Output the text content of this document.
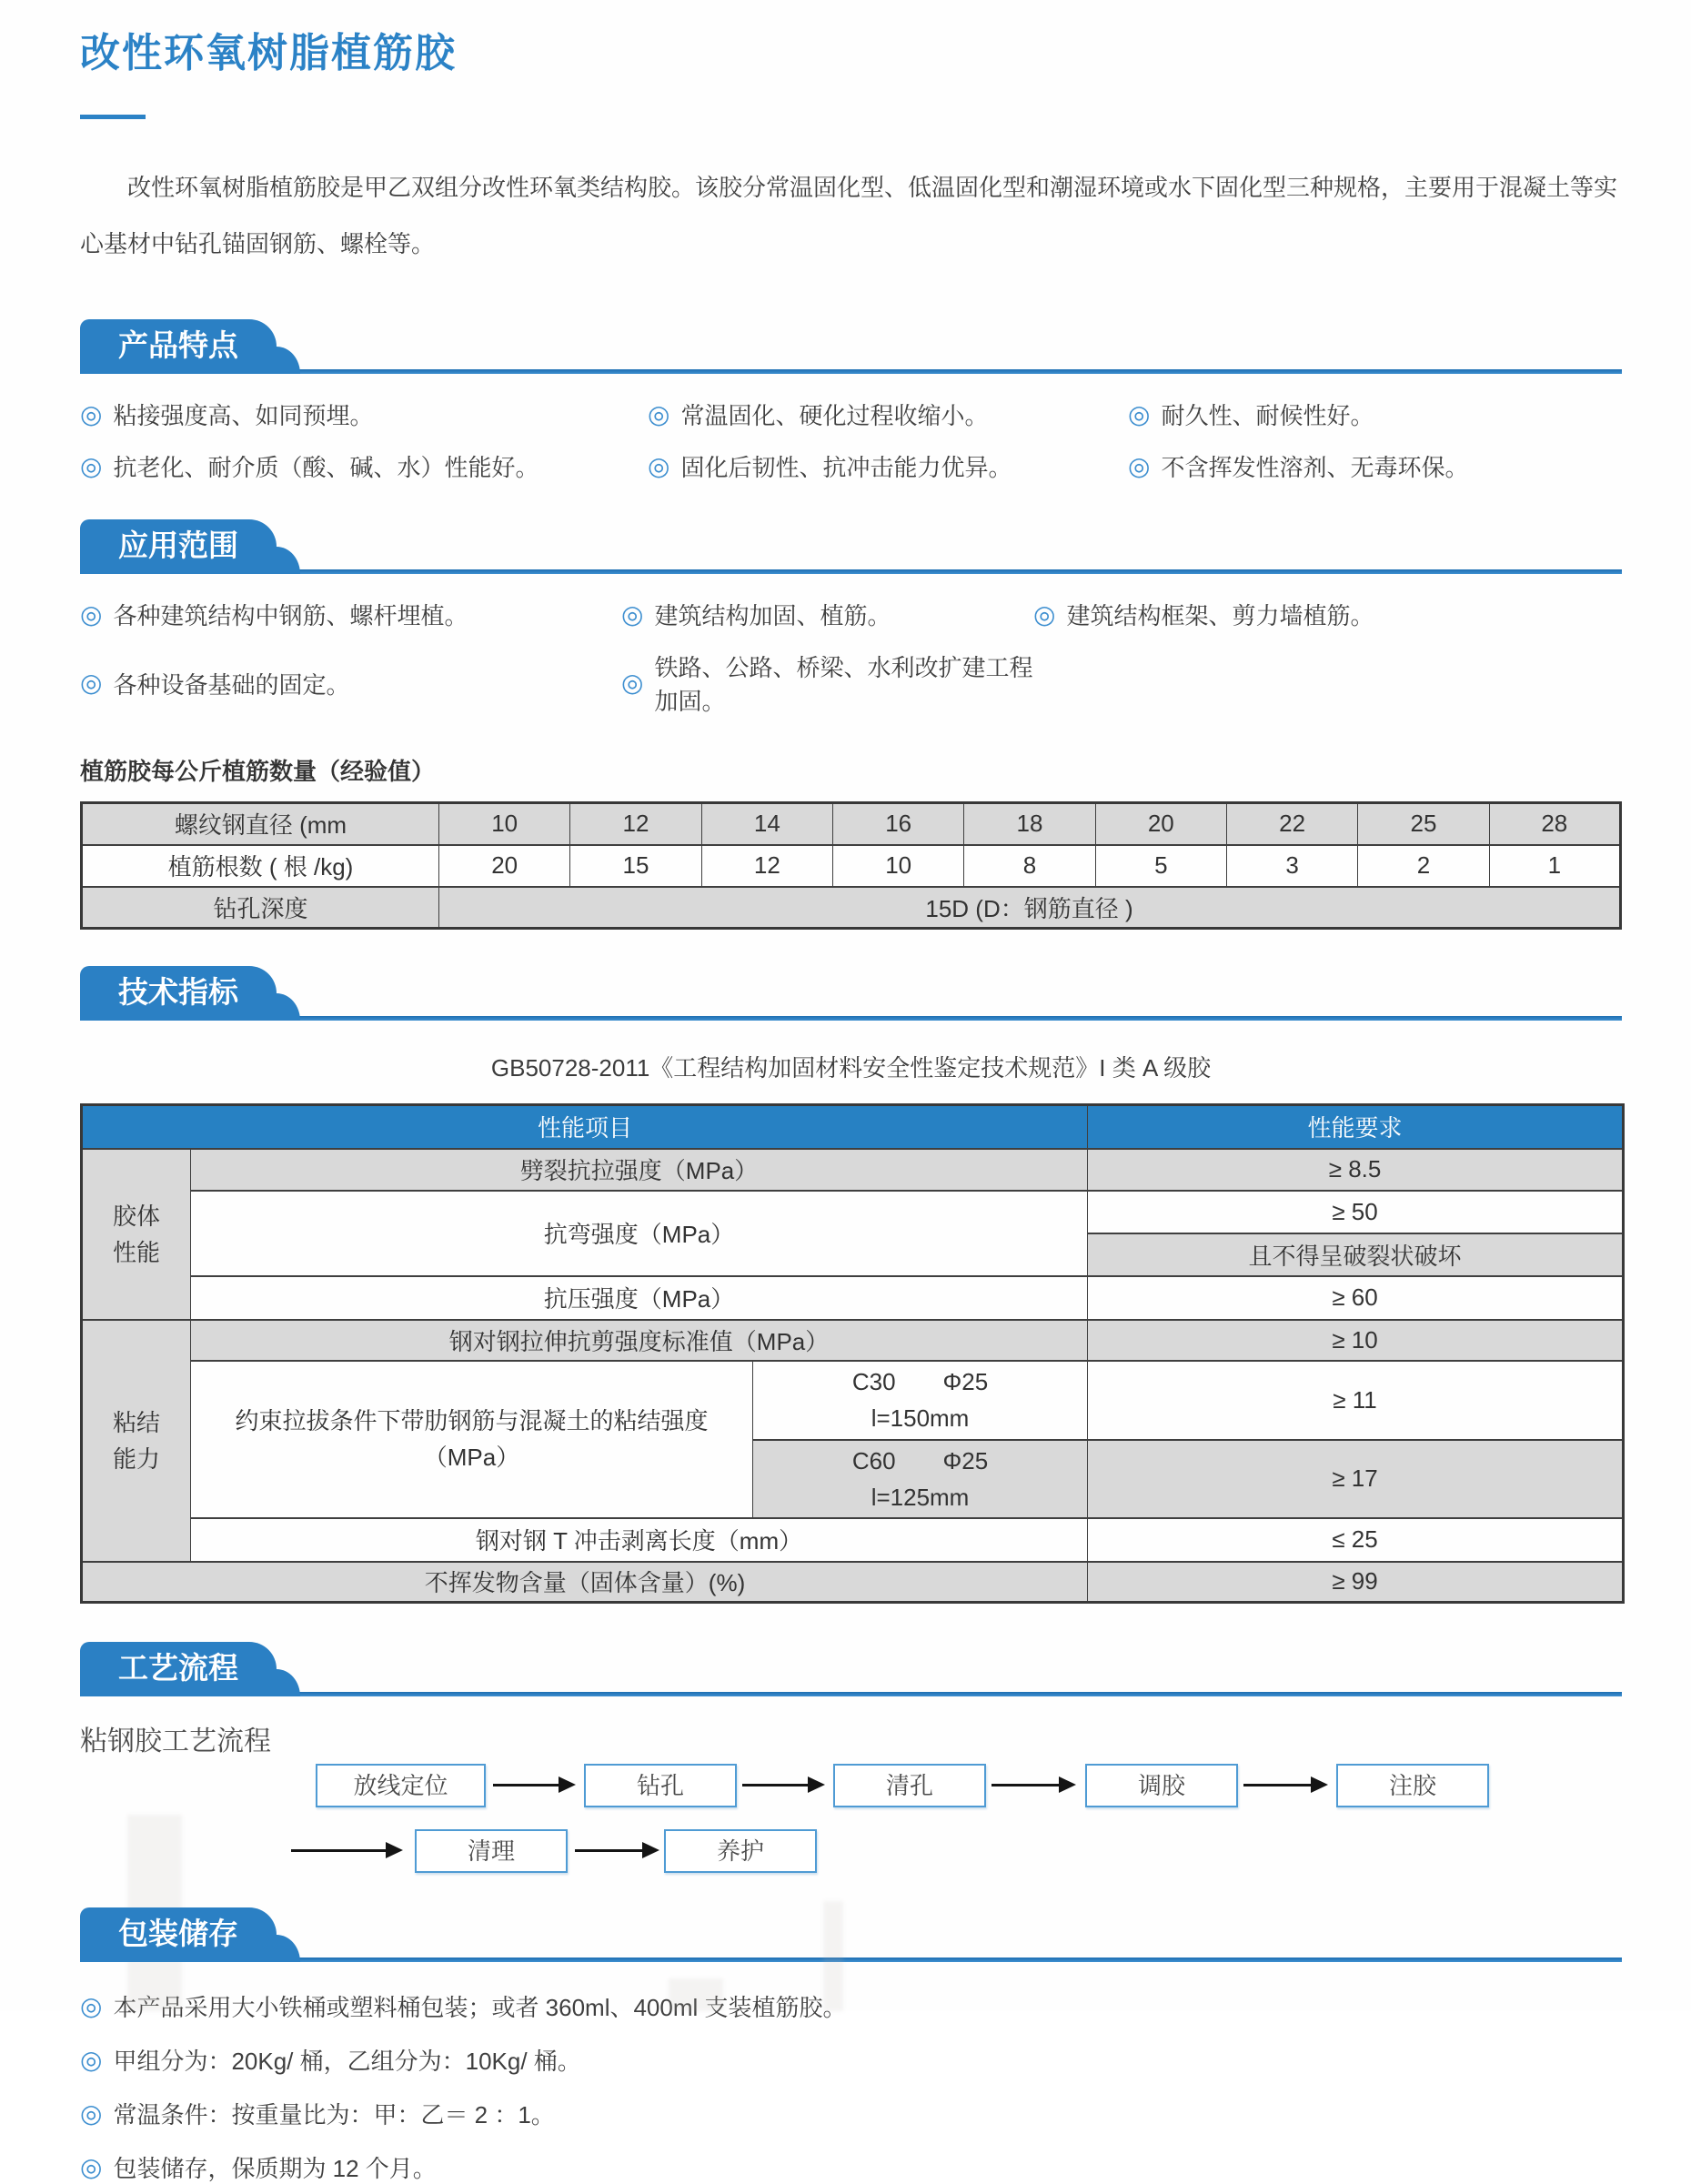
改性环氧树脂植筋胶

改性环氧树脂植筋胶是甲乙双组分改性环氧类结构胶。该胶分常温固化型、低温固化型和潮湿环境或水下固化型三种规格，主要用于混凝土等实心基材中钻孔锚固钢筋、螺栓等。

产品特点
◎ 粘接强度高、如同预埋。	◎ 常温固化、硬化过程收缩小。	◎ 耐久性、耐候性好。
◎ 抗老化、耐介质（酸、碱、水）性能好。	◎ 固化后韧性、抗冲击能力优异。	◎ 不含挥发性溶剂、无毒环保。
应用范围
◎ 各种建筑结构中钢筋、螺杆埋植。	◎ 建筑结构加固、植筋。	◎ 建筑结构框架、剪力墙植筋。
◎ 各种设备基础的固定。	◎
铁路、公路、桥梁、水利改扩建工程加固。
植筋胶每公斤植筋数量（经验值）
螺纹钢直径 (mm	10	12	14	16	18	20	22	25	28
植筋根数 ( 根 /kg)	20	15	12	10	8	5	3	2	1
钻孔深度	15D (D：钢筋直径 )								
技术指标
GB50728-2011《工程结构加固材料安全性鉴定技术规范》I 类 A 级胶
性能项目			性能要求

胶体
性能	劈裂抗拉强度（MPa）		≥ 8.5
	抗弯强度（MPa）		≥ 50
			且不得呈破裂状破坏
	抗压强度（MPa）		≥ 60

粘结
能力	钢对钢拉伸抗剪强度标准值（MPa）		≥ 10

	约束拉拔条件下带肋钢筋与混凝土的粘结强度
（MPa）	C30　　Φ25
l=150mm	≥ 11

		C60　　Φ25
l=125mm	≥ 17
	钢对钢 T 冲击剥离长度（mm）		≤ 25
不挥发物含量（固体含量）(%)			≥ 99
工艺流程
粘钢胶工艺流程
放线定位	钻孔	清孔	调胶	注胶
清理	养护
包装储存
◎ 本产品采用大小铁桶或塑料桶包装；或者 360ml、400ml 支装植筋胶。
◎ 甲组分为：20Kg/ 桶，乙组分为：10Kg/ 桶。
◎ 常温条件：按重量比为：甲：乙＝ 2 ：1。
◎ 包装储存，保质期为 12 个月。
